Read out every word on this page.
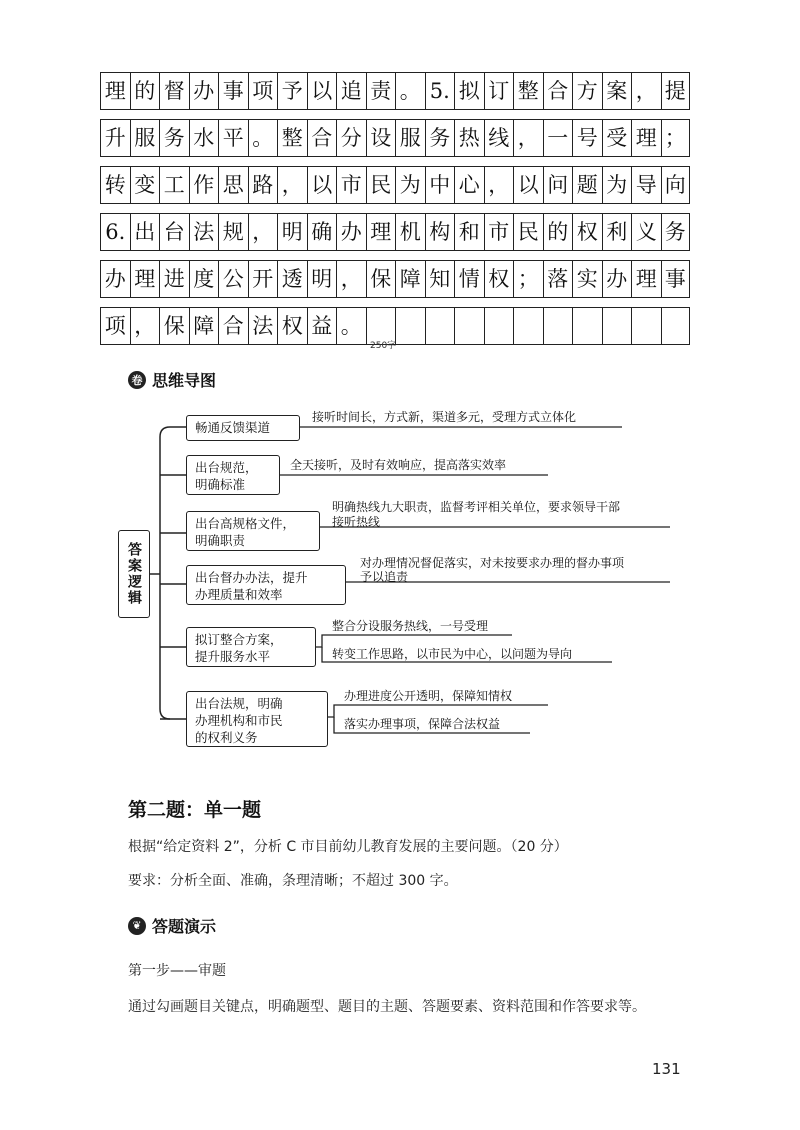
理 的 督 办 事 项 予 以 追 责 。 5. 拟 订 整 合 方 案 ， 提
升 服 务 水 平 。 整 合 分 设 服 务 热 线 ， 一 号 受 理 ；
转 变 工 作 思 路 ， 以 市 民 为 中 心 ， 以 问 题 为 导 向
6. 出 台 法 规 ， 明 确 办 理 机 构 和 市 民 的 权 利 义 务
办 理 进 度 公 开 透 明 ， 保 障 知 情 权 ； 落 实 办 理 事
项 ， 保 障 合 法 权 益 。
250字
卷 思维导图
答案逻辑
畅通反馈渠道
接听时间长，方式新，渠道多元，受理方式立体化
出台规范，
明确标准
全天接听，及时有效响应，提高落实效率
出台高规格文件，
明确职责
明确热线九大职责，监督考评相关单位，要求领导干部
接听热线
出台督办办法，提升
办理质量和效率
对办理情况督促落实，对未按要求办理的督办事项
予以追责
拟订整合方案，
提升服务水平
整合分设服务热线，一号受理
转变工作思路，以市民为中心，以问题为导向
出台法规，明确
办理机构和市民
的权利义务
办理进度公开透明，保障知情权
落实办理事项，保障合法权益
第二题：单一题
根据“给定资料 2”，分析 C 市目前幼儿教育发展的主要问题。（20 分）
要求：分析全面、准确，条理清晰；不超过 300 字。
❦ 答题演示
第一步——审题
通过勾画题目关键点，明确题型、题目的主题、答题要素、资料范围和作答要求等。
131
